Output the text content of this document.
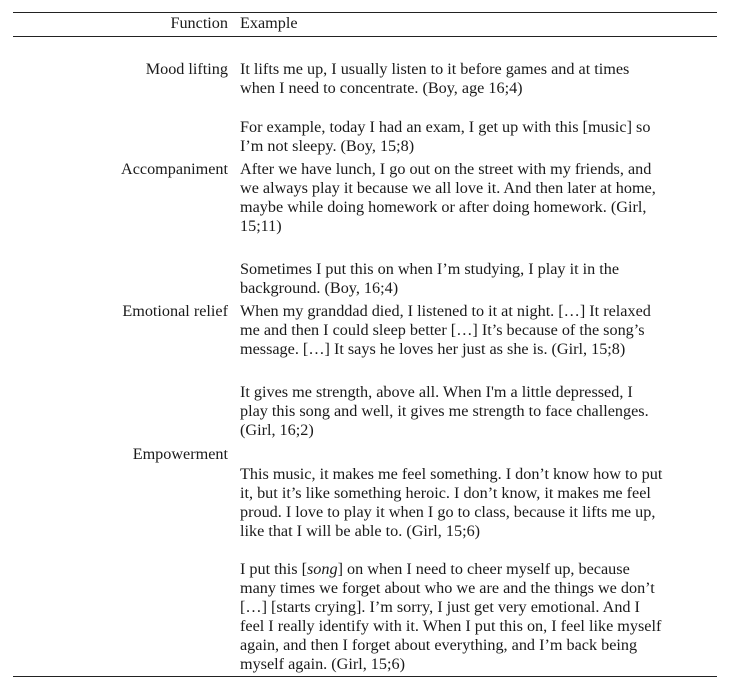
Function Example
Mood lifting It lifts me up, I usually listen to it before games and at times
when I need to concentrate. (Boy, age 16;4)
For example, today I had an exam, I get up with this [music] so
I’m not sleepy. (Boy, 15;8)
Accompaniment After we have lunch, I go out on the street with my friends, and
we always play it because we all love it. And then later at home,
maybe while doing homework or after doing homework. (Girl,
15;11)
Sometimes I put this on when I’m studying, I play it in the
background. (Boy, 16;4)
Emotional relief When my granddad died, I listened to it at night. […] It relaxed
me and then I could sleep better […] It’s because of the song’s
message. […] It says he loves her just as she is. (Girl, 15;8)
It gives me strength, above all. When I'm a little depressed, I
play this song and well, it gives me strength to face challenges.
(Girl, 16;2)
Empowerment
This music, it makes me feel something. I don’t know how to put
it, but it’s like something heroic. I don’t know, it makes me feel
proud. I love to play it when I go to class, because it lifts me up,
like that I will be able to. (Girl, 15;6)
I put this [song] on when I need to cheer myself up, because
many times we forget about who we are and the things we don’t
[…] [starts crying]. I’m sorry, I just get very emotional. And I
feel I really identify with it. When I put this on, I feel like myself
again, and then I forget about everything, and I’m back being
myself again. (Girl, 15;6)
